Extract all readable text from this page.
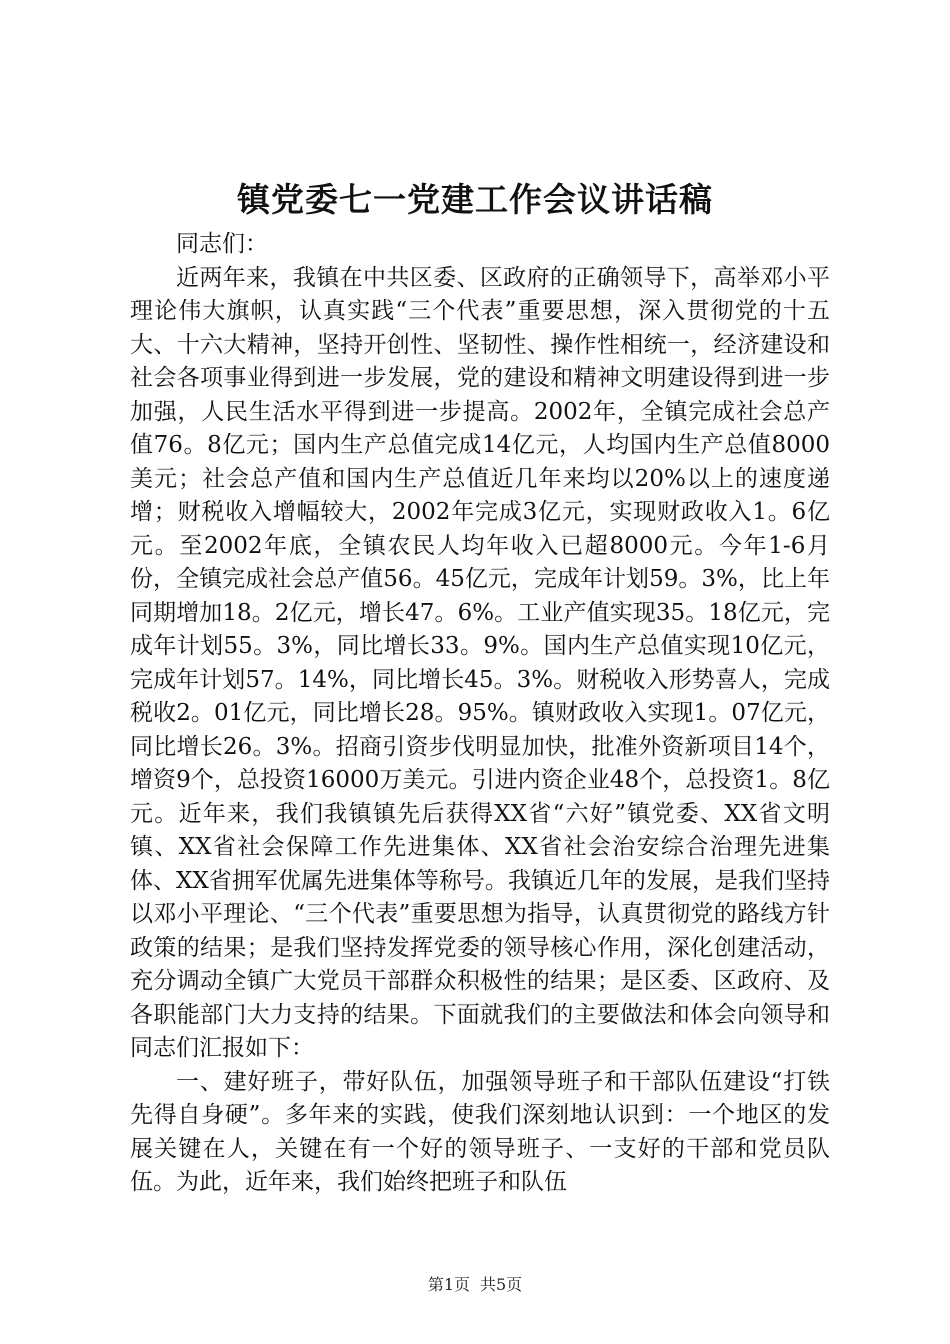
镇党委七一党建工作会议讲话稿

同志们：

近两年来，我镇在中共区委、区政府的正确领导下，高举邓小平理论伟大旗帜，认真实践“三个代表”重要思想，深入贯彻党的十五大、十六大精神，坚持开创性、坚韧性、操作性相统一，经济建设和社会各项事业得到进一步发展，党的建设和精神文明建设得到进一步加强，人民生活水平得到进一步提高。2002年，全镇完成社会总产值76。8亿元；国内生产总值完成14亿元，人均国内生产总值8000美元；社会总产值和国内生产总值近几年来均以20%以上的速度递增；财税收入增幅较大，2002年完成3亿元，实现财政收入1。6亿元。至2002年底，全镇农民人均年收入已超8000元。今年1-6月份，全镇完成社会总产值56。45亿元，完成年计划59。3%，比上年同期增加18。2亿元，增长47。6%。工业产值实现35。18亿元，完成年计划55。3%，同比增长33。9%。国内生产总值实现10亿元，完成年计划57。14%，同比增长45。3%。财税收入形势喜人，完成税收2。01亿元，同比增长28。95%。镇财政收入实现1。07亿元，同比增长26。3%。招商引资步伐明显加快，批准外资新项目14个，增资9个，总投资16000万美元。引进内资企业48个，总投资1。8亿元。近年来，我们我镇镇先后获得XX省“六好”镇党委、XX省文明镇、XX省社会保障工作先进集体、XX省社会治安综合治理先进集体、XX省拥军优属先进集体等称号。我镇近几年的发展，是我们坚持以邓小平理论、“三个代表”重要思想为指导，认真贯彻党的路线方针政策的结果；是我们坚持发挥党委的领导核心作用，深化创建活动，充分调动全镇广大党员干部群众积极性的结果；是区委、区政府、及各职能部门大力支持的结果。下面就我们的主要做法和体会向领导和同志们汇报如下：

一、建好班子，带好队伍，加强领导班子和干部队伍建设“打铁先得自身硬”。多年来的实践，使我们深刻地认识到：一个地区的发展关键在人，关键在有一个好的领导班子、一支好的干部和党员队伍。为此，近年来，我们始终把班子和队伍

第1页 共5页
